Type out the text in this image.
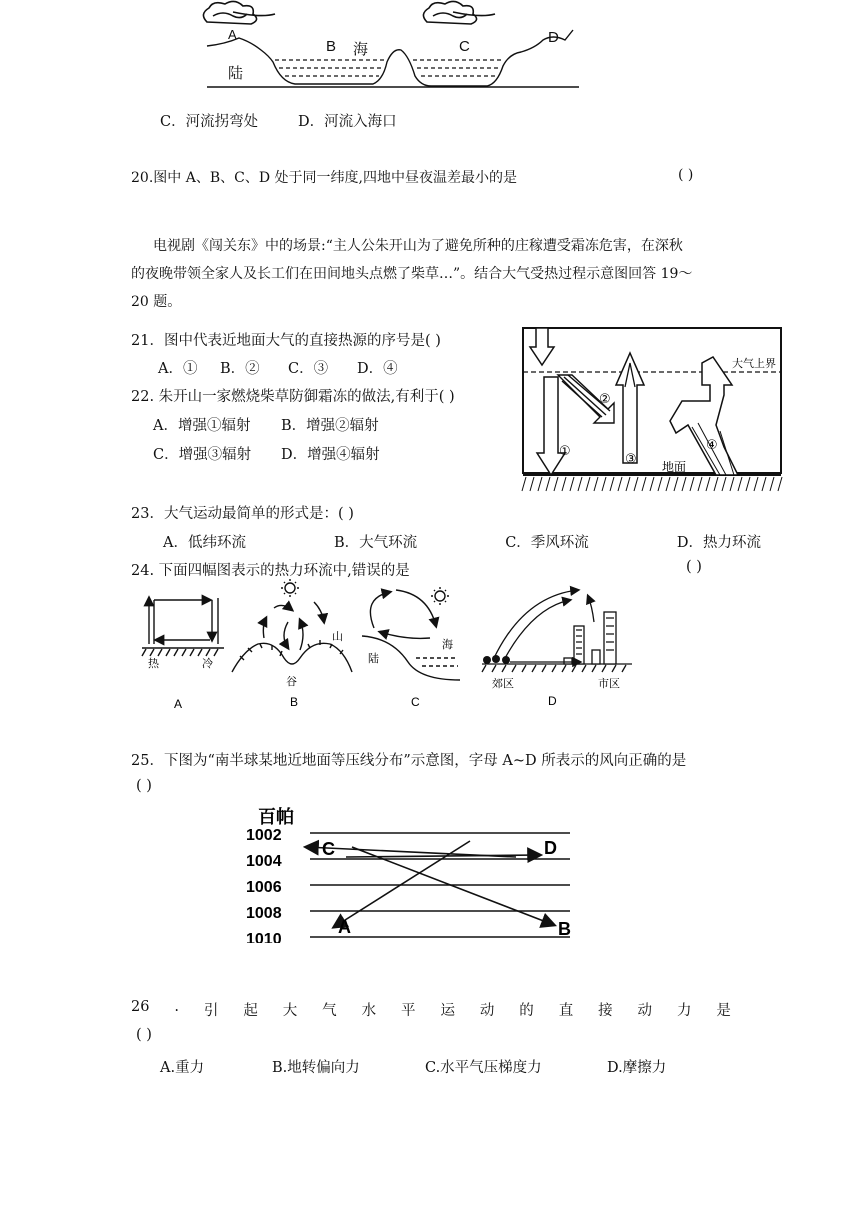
A
B 海	C
D
陆
C．河流拐弯处	D．河流入海口
20.图中 A、B、C、D 处于同一纬度,四地中昼夜温差最小的是	( )
电视剧《闯关东》中的场景:“主人公朱开山为了避免所种的庄稼遭受霜冻危害，在深秋
的夜晚带领全家人及长工们在田间地头点燃了柴草…”。结合大气受热过程示意图回答 19～
20 题。
21．图中代表近地面大气的直接热源的序号是( )
A．① B．② C．③ D．④
22. 朱开山一家燃烧柴草防御霜冻的做法,有利于( )
A．增强①辐射 B．增强②辐射
C．增强③辐射 D．增强④辐射
地面
大气上界
①
②
③
④
23．大气运动最简单的形式是：( )
A．低纬环流	B．大气环流	C．季风环流	D．热力环流
24. 下面四幅图表示的热力环流中,错误的是	( )
热	冷
山
谷
陆
海
郊区	市区
A	B	C	D
25．下图为“南半球某地近地面等压线分布”示意图，字母 A~D 所表示的风向正确的是
( )
百帕
1002
1004
1006
1008
1010
C	D
A	B
26 . 引 起 大 气 水 平 运 动 的 直 接 动 力 是
( )
A.重力	B.地转偏向力	C.水平气压梯度力	D.摩擦力
